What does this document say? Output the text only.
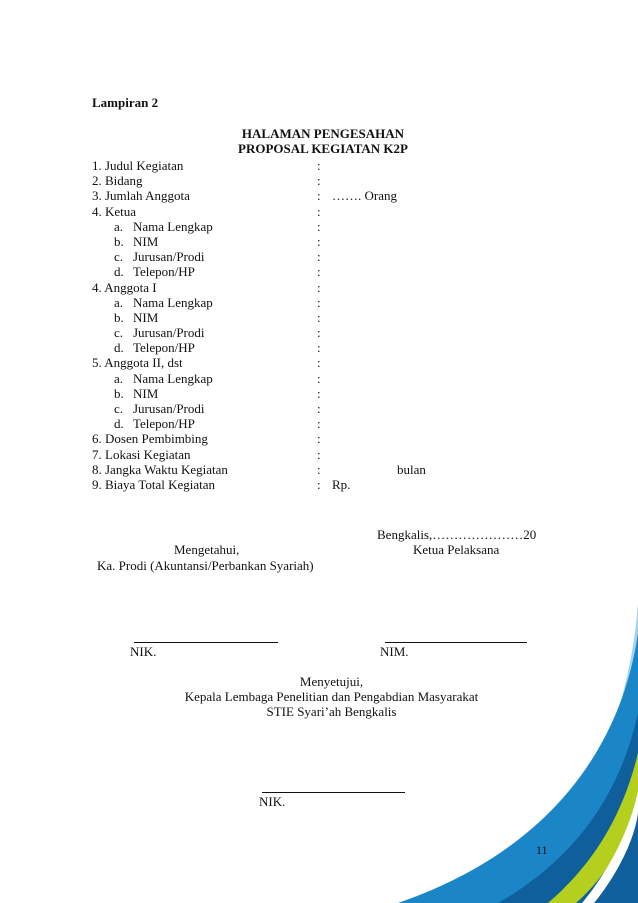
Lampiran 2
HALAMAN PENGESAHAN
PROPOSAL KEGIATAN K2P
1. Judul Kegiatan	:
2. Bidang	:
3. Jumlah Anggota	: ……. Orang
4. Ketua	:
a. Nama Lengkap	:
b. NIM	:
c. Jurusan/Prodi	:
d. Telepon/HP	:
4. Anggota I	:
a. Nama Lengkap	:
b. NIM	:
c. Jurusan/Prodi	:
d. Telepon/HP	:
5. Anggota II, dst	:
a. Nama Lengkap	:
b. NIM	:
c. Jurusan/Prodi	:
d. Telepon/HP	:
6. Dosen Pembimbing	:
7. Lokasi Kegiatan	:
8. Jangka Waktu Kegiatan	:	bulan
9. Biaya Total Kegiatan	: Rp.
Bengkalis,…………………20
Mengetahui,	Ketua Pelaksana
Ka. Prodi (Akuntansi/Perbankan Syariah)
NIK.	NIM.
Menyetujui,
Kepala Lembaga Penelitian dan Pengabdian Masyarakat
STIE Syari’ah Bengkalis
NIK.
11
